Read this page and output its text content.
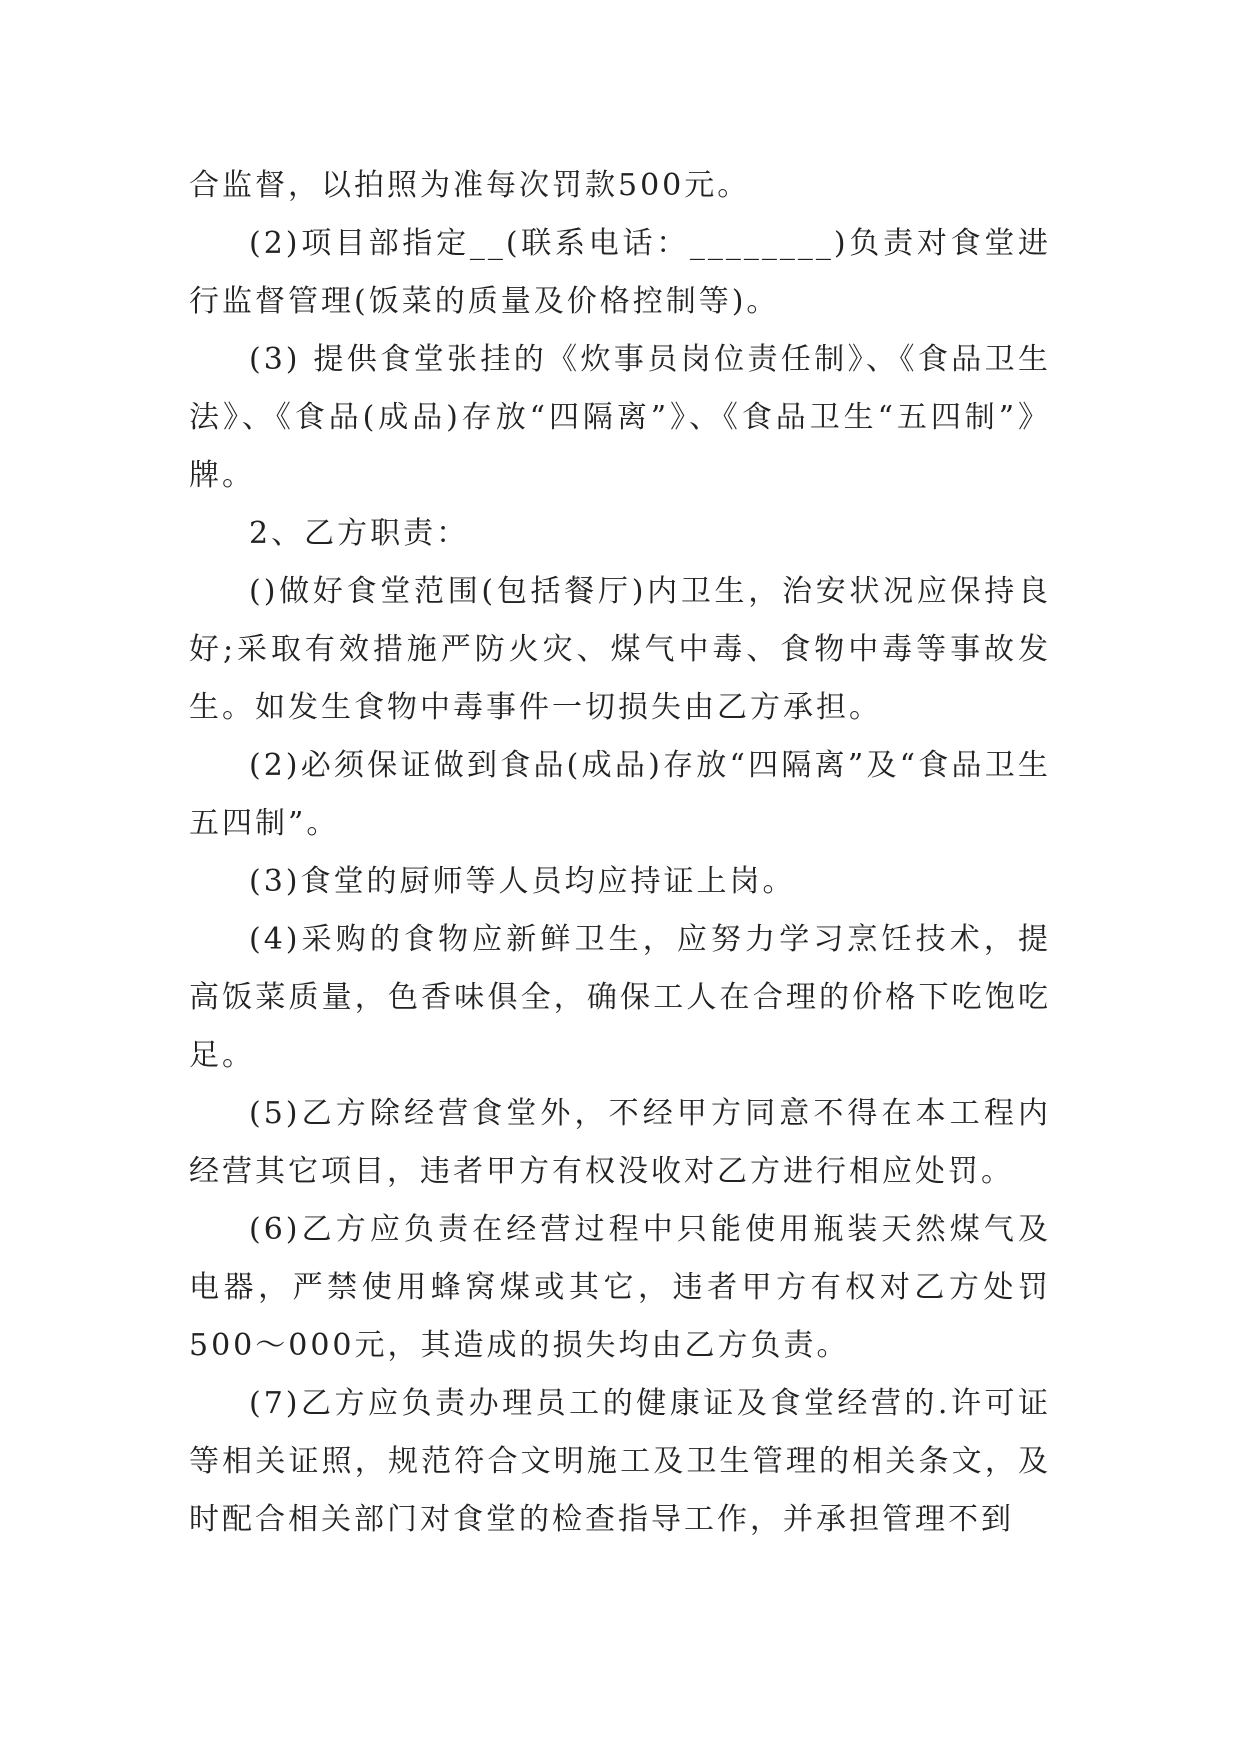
合监督，以拍照为准每次罚款500元。

(2)项目部指定__(联系电话：________)负责对食堂进行监督管理(饭菜的质量及价格控制等)。

(3) 提供食堂张挂的《炊事员岗位责任制》、《食品卫生法》、《食品(成品)存放“四隔离”》、《食品卫生“五四制”》牌。

2、乙方职责：

()做好食堂范围(包括餐厅)内卫生，治安状况应保持良好;采取有效措施严防火灾、煤气中毒、食物中毒等事故发生。如发生食物中毒事件一切损失由乙方承担。

(2)必须保证做到食品(成品)存放“四隔离”及“食品卫生五四制”。

(3)食堂的厨师等人员均应持证上岗。

(4)采购的食物应新鲜卫生，应努力学习烹饪技术，提高饭菜质量，色香味俱全，确保工人在合理的价格下吃饱吃足。

(5)乙方除经营食堂外，不经甲方同意不得在本工程内经营其它项目，违者甲方有权没收对乙方进行相应处罚。

(6)乙方应负责在经营过程中只能使用瓶装天然煤气及电器，严禁使用蜂窝煤或其它，违者甲方有权对乙方处罚500～000元，其造成的损失均由乙方负责。

(7)乙方应负责办理员工的健康证及食堂经营的.许可证等相关证照，规范符合文明施工及卫生管理的相关条文，及时配合相关部门对食堂的检查指导工作，并承担管理不到
